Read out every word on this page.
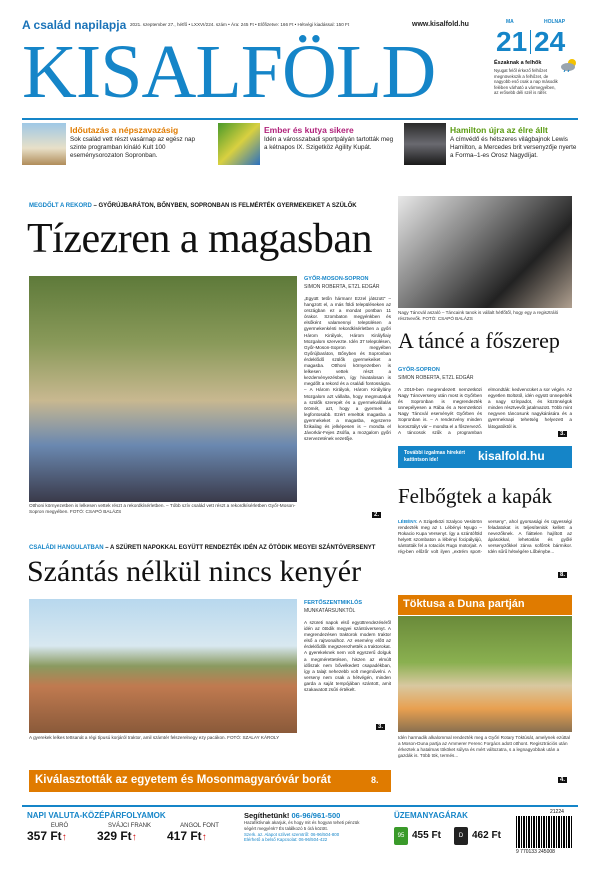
A család napilapja 2021. szeptember 27., hétfő • LXXVI/224. szám • Ára: 245 Ft • Előfizetve: 166 Ft • Hétvégi kiadással: 150 Ft	www.kisalfold.hu
KISALFÖLD
MA	HOLNAP
21 24
Északnak a felhők
Nyugat felől érkező felhőzet megnövekszik a felhőzet, de nagyobb eső csak a nap második felében várható a vármegyében, az erősebb déli szél is ráfér.
Időutazás a népszavazásig
Sok család vett részt vasárnap az egész nap szinte programban kínáló Kult 100 eseménysorozaton Sopronban.
Ember és kutya sikere
Idén a városszabadi sportpályán tartották meg a kétnapos IX. Szigetköz Agility Kupát.
Hamilton újra az élre állt
A címvédő és hétszeres világbajnok Lewis Hamilton, a Mercedes brit versenyzője nyerte a Forma–1-es Orosz Nagydíjat.
MEGDŐLT A REKORD – GYŐRÚJBARÁTON, BŐNYBEN, SOPRONBAN IS FELMÉRTÉK GYERMEKEIKET A SZÜLŐK
Tízezren a magasban
Otthoni környezetben is lelkesen vettek részt a rekordkísérletben. – Tóbb szív család vett részt a rekordkísérletben Győr-Moson-Sopron megyében. FOTÓ: CSAPÓ BALÁZS
GYŐR-MOSON-SOPRON
SIMON ROBERTA, ETZL EDGÁR
„Együtt tetőn hárman! Ezzel játszott” – hangzott el, a más földi településeken az országban ez a mondat pontban 11 órakor. Szombaton megyénkben és elsőként valamennyi településen a gyermekenkénti rekordkísérletben a győri Három Királyok, Három Királyfiaiy Mozgalom szervezte. Idén 37 településen, Győr-Moson-Sopron megyében Győrújbaráton, Bőnyben és Sopronban érdeklődő szülők gyermekeiket a magasba. Otthoni környezetben is lelkesen vettek részt a kezdeményezésben, így hivatalosan is megdőlt a rekord és a családi fontosságra. – A Három Királyok, Három Királylány Mozgalom azt vállalta, hogy megmutatjuk a szülők szerepét és a gyermekvállalás örömét, azt, hogy a gyermek a legfontosabb. Ezért emeltük magasba a gyermekeket a magasba, egyszerre fizikailag és jelképesen is – mondta el Jávorkár-Fejes Zsófia, a mozgalom győri szervezetének vezetője.
2.
Nagy Táncvál aszaló – Táncaink tanok is vállalt hétfőtől, hogy egy a regisztráló résztvevők. FOTÓ: CSAPÓ BALÁZS
A táncé a főszerep
GYŐR-SOPRON
SIMON ROBERTA, ETZL EDGÁR
A 2019-ben megrendezett nemzetközi Nagy Táncverseny után most is Győrben és Sopronban is megrendezték ünnepélyesen a Rába és a Nemzetközi Nagy Táncvál eseményét Győrben és Sopronban is. – A rendezvény minden korosztályt vár – mondta el a főszervező. A táncosok szűk a programban elmondták: kedvencüket a sor végén. Az egyetlen Boltotól, idén együtt ünnepelték a nagy színpadot, és közönségük minden résztvevőt jutalmazott. Több mint negyven táncosunk nagykárására és a gyermeknapi tehetség helyezett a látogatóktól is.
3.
További izgalmas hírekért kattintson ide!	kisalfold.hu
Felbőgtek a kapák
LÉBÉNY. A Szigetközi Szalyoo Vesiörön rendezték meg az I. Lébényi Nyugo – Rokacio Kupa Versenyt. Így a szántóföld helyett szombaton a lébényi focipályájú, sántották fel a rotaciós Rugo motorjait. A rég-ben előzőr volt ilyen „extrém sport-verseny”, ahol gyorsasági és ügyességi feladatokat is teljesíteniük kellett a nevezőknek. A fiáttelen hajlított az ápásokkal, lehetoslás és győlé versenyzőkkel zárva sofőrök bármikor. Idén sűrű hétvégére Lőbénybe...
8.
CSALÁDI HANGULATBAN – A SZÜRETI NAPOKKAL EGYÜTT RENDEZTÉK IDÉN AZ ÖTÖDIK MEGYEI SZÁNTÓVERSENYT
Szántás nélkül nincs kenyér
A gyerekek lelkes tettsanát a régi típusú korjáról traktor, amil számtér felszerelnegy ezy pacákon. FOTÓ: SZALAY KÁROLY
FERTŐSZENTMIKLÓS
MUNKATÁRSUNKTÓL
A szüreti napok első együttrendezéséről idén az ötödik megyei szántóversenyt. A megrendezésen traktorok modern traktor első a rajtvonalhoz. Az esemény előtt az érdeklődők megszerezhették a traktorokat. A gyerekeknek nem volt egyszerű dolguk a megmérettetésen, hiszen az elmúlt időszak nem bővelkedett csapadékban, így a talajt nehezebb volt megművelni. A verseny nem csak a hétvégén, minden garda a saját tempójában szántott, amit szakavatott zsűri értékelt.
3.
Töktusa a Duna partján
Idén harmadik alkalommal rendezték meg a Győri Rotary Töktúsát, amelynek ezúttal a Moson-Duna partja az Ammerer Ferenc Forgács adott otthont. Regisztrációs után érkeztek a hatalmas tököket súlyra és mért változatra, s a legnagyobbak után a gazdák is. Több tök, termés...
4.
Kiválasztották az egyetem és Mosonmagyaróvár borát	8.
NAPI VALUTA-KÖZÉPÁRFOLYAMOK
EURÓ
357 Ft↑
SVÁJCI FRANK
329 Ft↑
ANGOL FONT
417 Ft↑
Segíthetünk! 06-96/961-500
Hazafiktívnak akarjuk, és hogy mit és hogyan teheti pénzük
ségért megyénk? És találkozó 5 órá között.
Szerk. az. Alapot szilvet szemtről: 06-96/504-800
Elérhető a belső Kapcsolat: 06-96/504-422
ÜZEMANYAGÁRAK
95 455 Ft	D 462 Ft
21224
9 770133 245008
